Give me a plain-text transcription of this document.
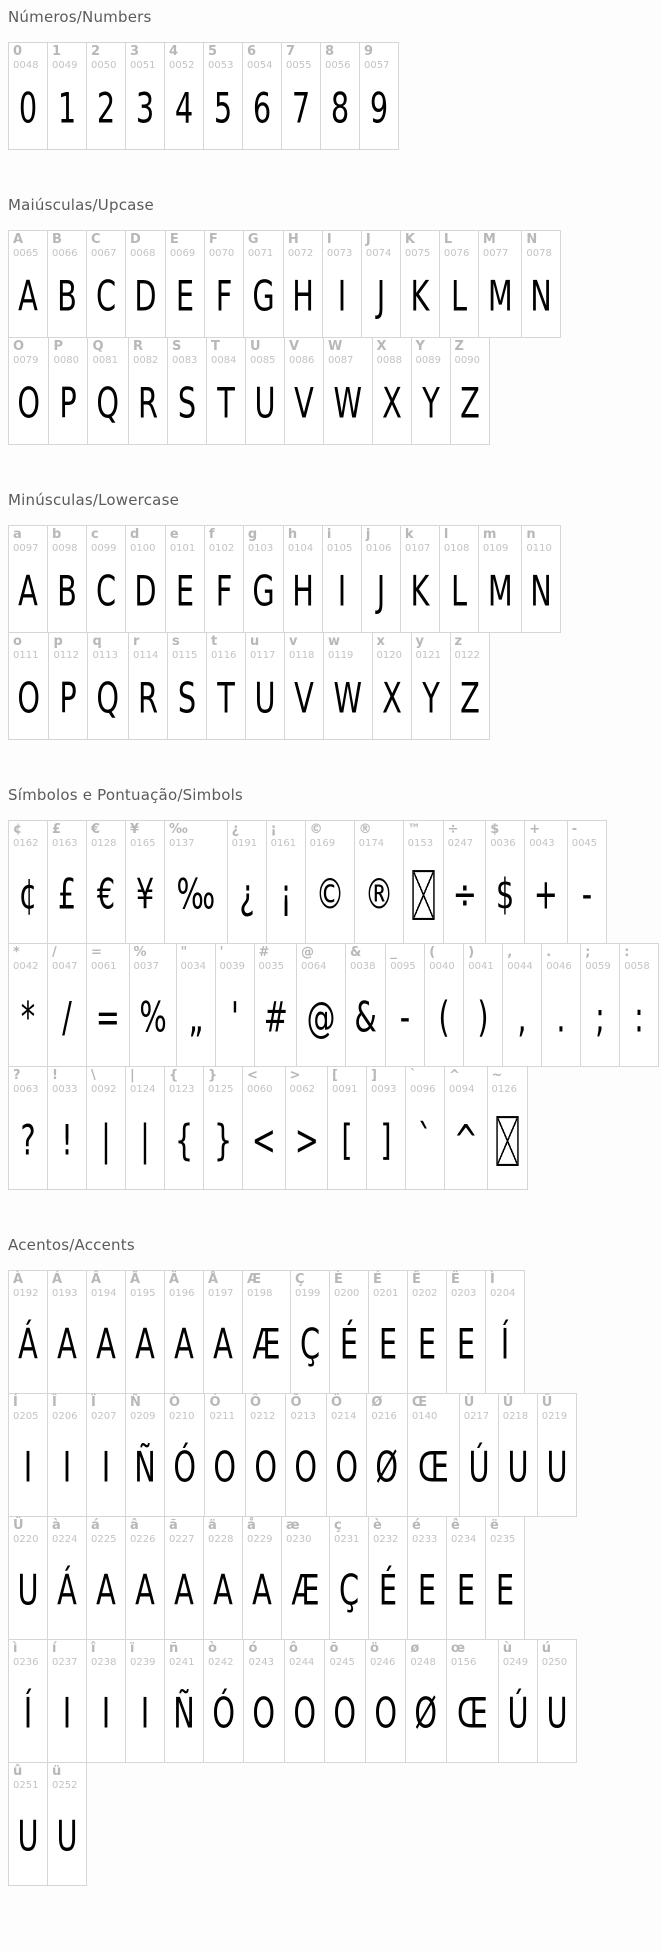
Números/Numbers
0
0048
0
1
0049
1
2
0050
2
3
0051
3
4
0052
4
5
0053
5
6
0054
6
7
0055
7
8
0056
8
9
0057
9
Maiúsculas/Upcase
A
0065
A
B
0066
B
C
0067
C
D
0068
D
E
0069
E
F
0070
F
G
0071
G
H
0072
H
I
0073
I
J
0074
J
K
0075
K
L
0076
L
M
0077
M
N
0078
N
O
0079
O
P
0080
P
Q
0081
Q
R
0082
R
S
0083
S
T
0084
T
U
0085
U
V
0086
V
W
0087
W
X
0088
X
Y
0089
Y
Z
0090
Z
Minúsculas/Lowercase
a
0097
A
b
0098
B
c
0099
C
d
0100
D
e
0101
E
f
0102
F
g
0103
G
h
0104
H
i
0105
I
j
0106
J
k
0107
K
l
0108
L
m
0109
M
n
0110
N
o
0111
O
p
0112
P
q
0113
Q
r
0114
R
s
0115
S
t
0116
T
u
0117
U
v
0118
V
w
0119
W
x
0120
X
y
0121
Y
z
0122
Z
Símbolos e Pontuação/Simbols
¢
0162
¢
£
0163
£
€
0128
€
¥
0165
¥
‰
0137
‰
¿
0191
¿
¡
0161
¡
©
0169
©
®
0174
®
™
0153
÷
0247
÷
$
0036
$
+
0043
+
-
0045
-
*
0042
*
/
0047
/
=
0061
=
%
0037
%
"
0034
„
'
0039
'
#
0035
#
@
0064
@
&
0038
&
_
0095
-
(
0040
(
)
0041
)
,
0044
,
.
0046
.
;
0059
;
:
0058
:
?
0063
?
!
0033
!
\
0092
|
|
0124
|
{
0123
{
}
0125
}
<
0060
<
>
0062
>
[
0091
[
]
0093
]
`
0096
`
^
0094
^
~
0126
Acentos/Accents
À
0192
Á
Á
0193
A
Â
0194
A
Ã
0195
A
Ä
0196
A
Å
0197
A
Æ
0198
Æ
Ç
0199
Ç
È
0200
É
É
0201
E
Ê
0202
E
Ë
0203
E
Ì
0204
Í
Í
0205
I
Î
0206
I
Ï
0207
I
Ñ
0209
Ñ
Ò
0210
Ó
Ó
0211
O
Ô
0212
O
Õ
0213
O
Ö
0214
O
Ø
0216
Ø
Œ
0140
Œ
Ù
0217
Ú
Ú
0218
U
Û
0219
U
Ü
0220
U
à
0224
Á
á
0225
A
â
0226
A
ã
0227
A
ä
0228
A
å
0229
A
æ
0230
Æ
ç
0231
Ç
è
0232
É
é
0233
E
ê
0234
E
ë
0235
E
ì
0236
Í
í
0237
I
î
0238
I
ï
0239
I
ñ
0241
Ñ
ò
0242
Ó
ó
0243
O
ô
0244
O
õ
0245
O
ö
0246
O
ø
0248
Ø
œ
0156
Œ
ù
0249
Ú
ú
0250
U
û
0251
U
ü
0252
U
